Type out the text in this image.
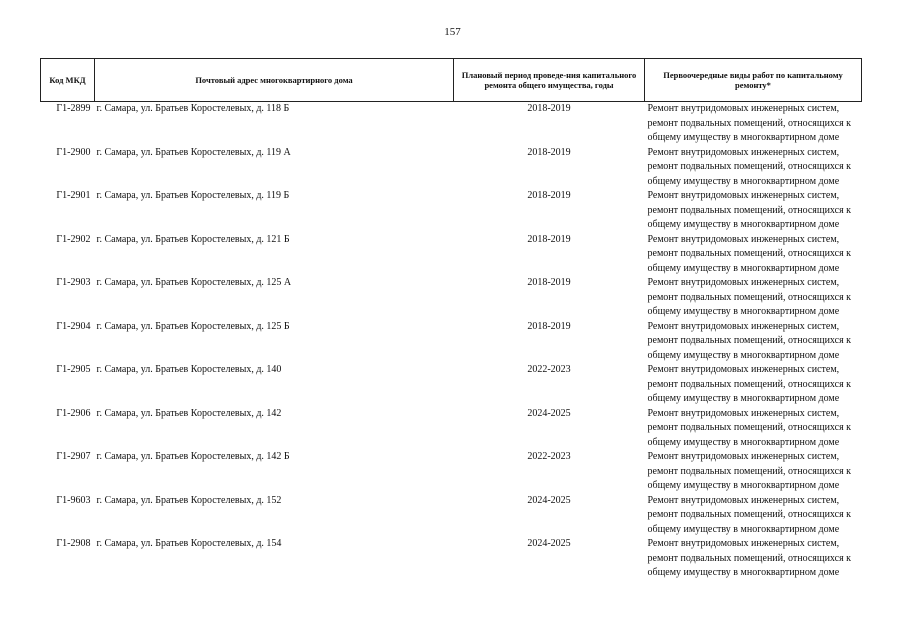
157
Код МКД	Почтовый адрес многоквартирного дома	Плановый период проведе-ния капитального ремонта общего имущества, годы	Первоочередные виды работ по капитальному ремонту*
Г1-2899	г. Самара, ул. Братьев Коростелевых, д. 118 Б	2018-2019	Ремонт внутридомовых инженерных систем,
ремонт подвальных помещений, относящихся к
общему имуществу в многоквартирном доме

Г1-2900	г. Самара, ул. Братьев Коростелевых, д. 119 А	2018-2019	Ремонт внутридомовых инженерных систем,
ремонт подвальных помещений, относящихся к
общему имуществу в многоквартирном доме

Г1-2901	г. Самара, ул. Братьев Коростелевых, д. 119 Б	2018-2019	Ремонт внутридомовых инженерных систем,
ремонт подвальных помещений, относящихся к
общему имуществу в многоквартирном доме

Г1-2902	г. Самара, ул. Братьев Коростелевых, д. 121 Б	2018-2019	Ремонт внутридомовых инженерных систем,
ремонт подвальных помещений, относящихся к
общему имуществу в многоквартирном доме

Г1-2903	г. Самара, ул. Братьев Коростелевых, д. 125 А	2018-2019	Ремонт внутридомовых инженерных систем,
ремонт подвальных помещений, относящихся к
общему имуществу в многоквартирном доме

Г1-2904	г. Самара, ул. Братьев Коростелевых, д. 125 Б	2018-2019	Ремонт внутридомовых инженерных систем,
ремонт подвальных помещений, относящихся к
общему имуществу в многоквартирном доме

Г1-2905	г. Самара, ул. Братьев Коростелевых, д. 140	2022-2023	Ремонт внутридомовых инженерных систем,
ремонт подвальных помещений, относящихся к
общему имуществу в многоквартирном доме

Г1-2906	г. Самара, ул. Братьев Коростелевых, д. 142	2024-2025	Ремонт внутридомовых инженерных систем,
ремонт подвальных помещений, относящихся к
общему имуществу в многоквартирном доме

Г1-2907	г. Самара, ул. Братьев Коростелевых, д. 142 Б	2022-2023	Ремонт внутридомовых инженерных систем,
ремонт подвальных помещений, относящихся к
общему имуществу в многоквартирном доме

Г1-9603	г. Самара, ул. Братьев Коростелевых, д. 152	2024-2025	Ремонт внутридомовых инженерных систем,
ремонт подвальных помещений, относящихся к
общему имуществу в многоквартирном доме

Г1-2908	г. Самара, ул. Братьев Коростелевых, д. 154	2024-2025	Ремонт внутридомовых инженерных систем,
ремонт подвальных помещений, относящихся к
общему имуществу в многоквартирном доме
